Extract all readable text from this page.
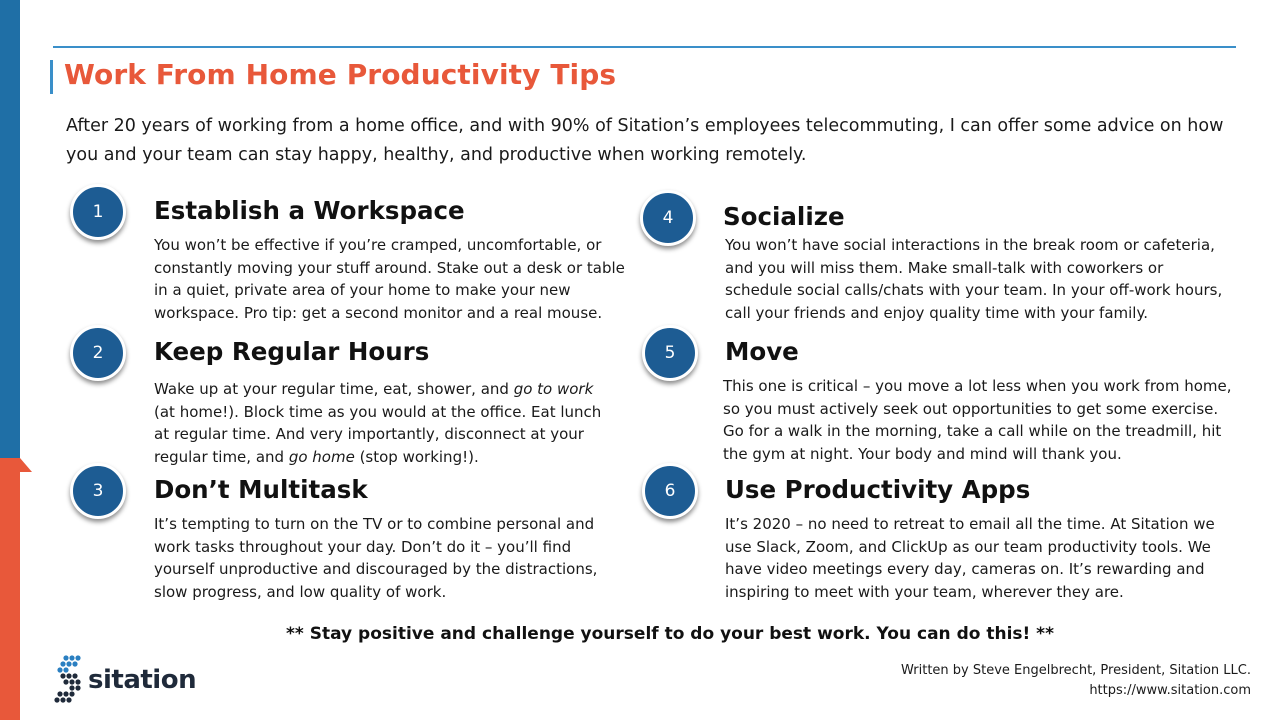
Work From Home Productivity Tips

After 20 years of working from a home office, and with 90% of Sitation’s employees telecommuting, I can offer some advice on how you and your team can stay happy, healthy, and productive when working remotely.

1	Establish a Workspace

You won’t be effective if you’re cramped, uncomfortable, or constantly moving your stuff around. Stake out a desk or table in a quiet, private area of your home to make your new workspace. Pro tip: get a second monitor and a real mouse.

2	Keep Regular Hours

Wake up at your regular time, eat, shower, and go to work (at home!). Block time as you would at the office. Eat lunch at regular time. And very importantly, disconnect at your regular time, and go home (stop working!).

3	Don’t Multitask

It’s tempting to turn on the TV or to combine personal and work tasks throughout your day. Don’t do it – you’ll find yourself unproductive and discouraged by the distractions, slow progress, and low quality of work.

4	Socialize

You won’t have social interactions in the break room or cafeteria, and you will miss them. Make small-talk with coworkers or schedule social calls/chats with your team. In your off-work hours, call your friends and enjoy quality time with your family.

5	Move

This one is critical – you move a lot less when you work from home, so you must actively seek out opportunities to get some exercise. Go for a walk in the morning, take a call while on the treadmill, hit the gym at night. Your body and mind will thank you.

6	Use Productivity Apps

It’s 2020 – no need to retreat to email all the time. At Sitation we use Slack, Zoom, and ClickUp as our team productivity tools. We have video meetings every day, cameras on. It’s rewarding and inspiring to meet with your team, wherever they are.

** Stay positive and challenge yourself to do your best work. You can do this! **

sitation	Written by Steve Engelbrecht, President, Sitation LLC.
https://www.sitation.com
